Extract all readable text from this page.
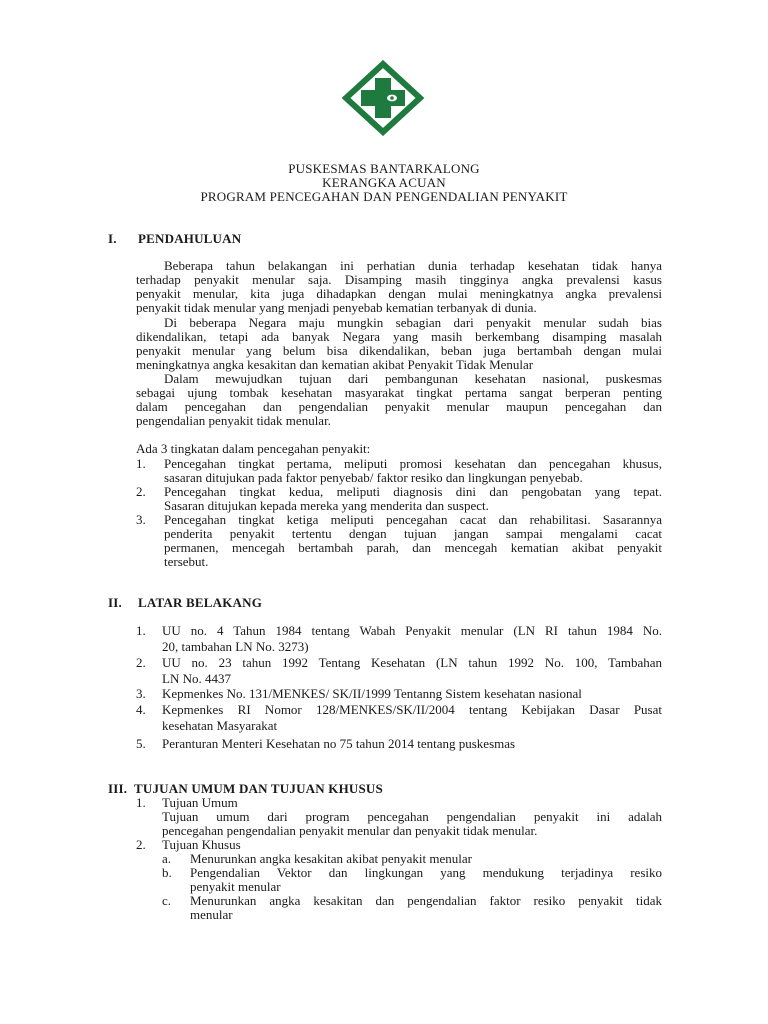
PUSKESMAS BANTARKALONG
KERANGKA ACUAN
PROGRAM PENCEGAHAN DAN PENGENDALIAN PENYAKIT
I. PENDAHULUAN
Beberapa tahun belakangan ini perhatian dunia terhadap kesehatan tidak hanya
terhadap penyakit menular saja. Disamping masih tingginya angka prevalensi kasus
penyakit menular, kita juga dihadapkan dengan mulai meningkatnya angka prevalensi
penyakit tidak menular yang menjadi penyebab kematian terbanyak di dunia.
Di beberapa Negara maju mungkin sebagian dari penyakit menular sudah bias
dikendalikan, tetapi ada banyak Negara yang masih berkembang disamping masalah
penyakit menular yang belum bisa dikendalikan, beban juga bertambah dengan mulai
meningkatnya angka kesakitan dan kematian akibat Penyakit Tidak Menular
Dalam mewujudkan tujuan dari pembangunan kesehatan nasional, puskesmas
sebagai ujung tombak kesehatan masyarakat tingkat pertama sangat berperan penting
dalam pencegahan dan pengendalian penyakit menular maupun pencegahan dan
pengendalian penyakit tidak menular.
Ada 3 tingkatan dalam pencegahan penyakit:
1. Pencegahan tingkat pertama, meliputi promosi kesehatan dan pencegahan khusus,
sasaran ditujukan pada faktor penyebab/ faktor resiko dan lingkungan penyebab.
2. Pencegahan tingkat kedua, meliputi diagnosis dini dan pengobatan yang tepat.
Sasaran ditujukan kepada mereka yang menderita dan suspect.
3. Pencegahan tingkat ketiga meliputi pencegahan cacat dan rehabilitasi. Sasarannya
penderita penyakit tertentu dengan tujuan jangan sampai mengalami cacat
permanen, mencegah bertambah parah, dan mencegah kematian akibat penyakit
tersebut.
II. LATAR BELAKANG
1. UU no. 4 Tahun 1984 tentang Wabah Penyakit menular (LN RI tahun 1984 No.
20, tambahan LN No. 3273)
2. UU no. 23 tahun 1992 Tentang Kesehatan (LN tahun 1992 No. 100, Tambahan
LN No. 4437
3. Kepmenkes No. 131/MENKES/ SK/II/1999 Tentanng Sistem kesehatan nasional
4. Kepmenkes RI Nomor 128/MENKES/SK/II/2004 tentang Kebijakan Dasar Pusat
kesehatan Masyarakat
5. Peranturan Menteri Kesehatan no 75 tahun 2014 tentang puskesmas
III. TUJUAN UMUM DAN TUJUAN KHUSUS
1. Tujuan Umum
Tujuan umum dari program pencegahan pengendalian penyakit ini adalah
pencegahan pengendalian penyakit menular dan penyakit tidak menular.
2. Tujuan Khusus
a. Menurunkan angka kesakitan akibat penyakit menular
b. Pengendalian Vektor dan lingkungan yang mendukung terjadinya resiko
penyakit menular
c. Menurunkan angka kesakitan dan pengendalian faktor resiko penyakit tidak
menular
